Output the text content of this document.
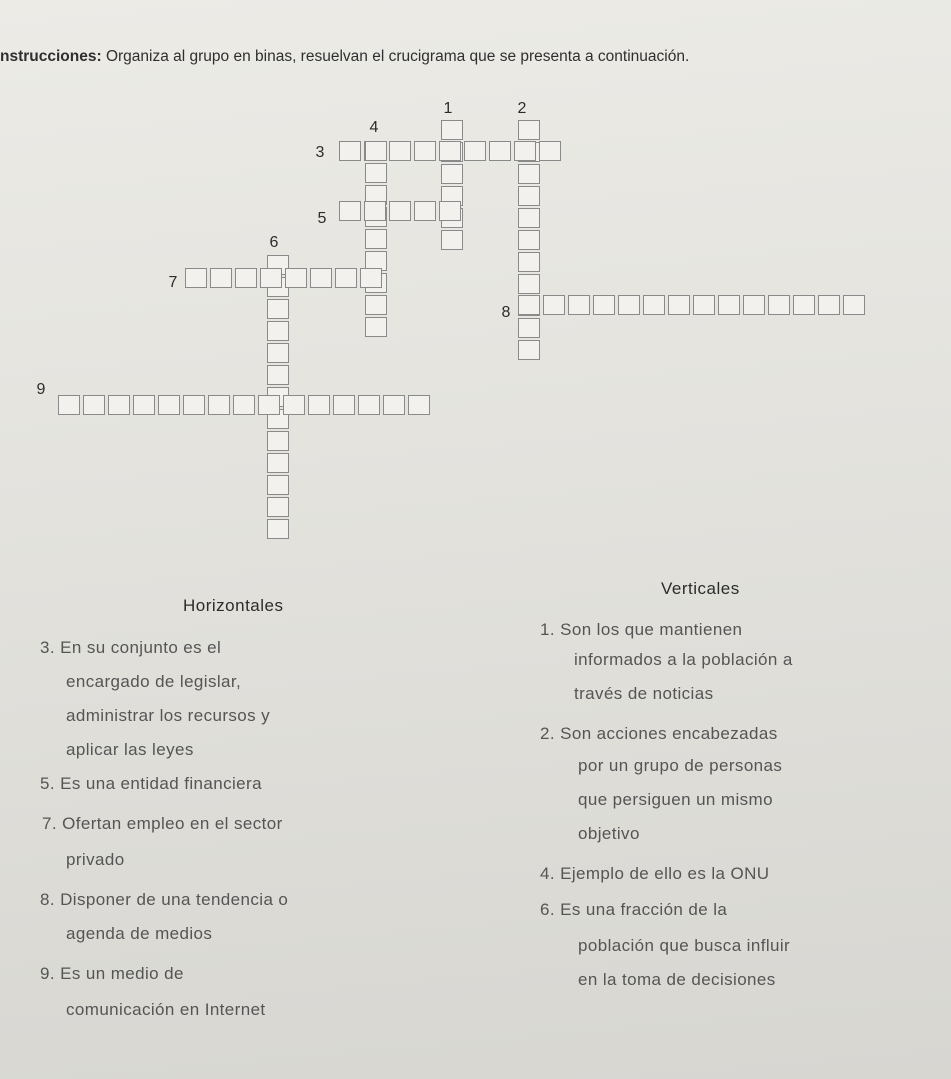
nstrucciones: Organiza al grupo en binas, resuelvan el crucigrama que se presenta a continuación.
1	2
3
4
5
6
7
8
9
Horizontales
Verticales
3. En su conjunto es el
encargado de legislar,
administrar los recursos y
aplicar las leyes
5. Es una entidad financiera
7. Ofertan empleo en el sector
privado
8. Disponer de una tendencia o
agenda de medios
9. Es un medio de
comunicación en Internet
1. Son los que mantienen
informados a la población a
través de noticias
2. Son acciones encabezadas
por un grupo de personas
que persiguen un mismo
objetivo
4. Ejemplo de ello es la ONU
6. Es una fracción de la
población que busca influir
en la toma de decisiones
